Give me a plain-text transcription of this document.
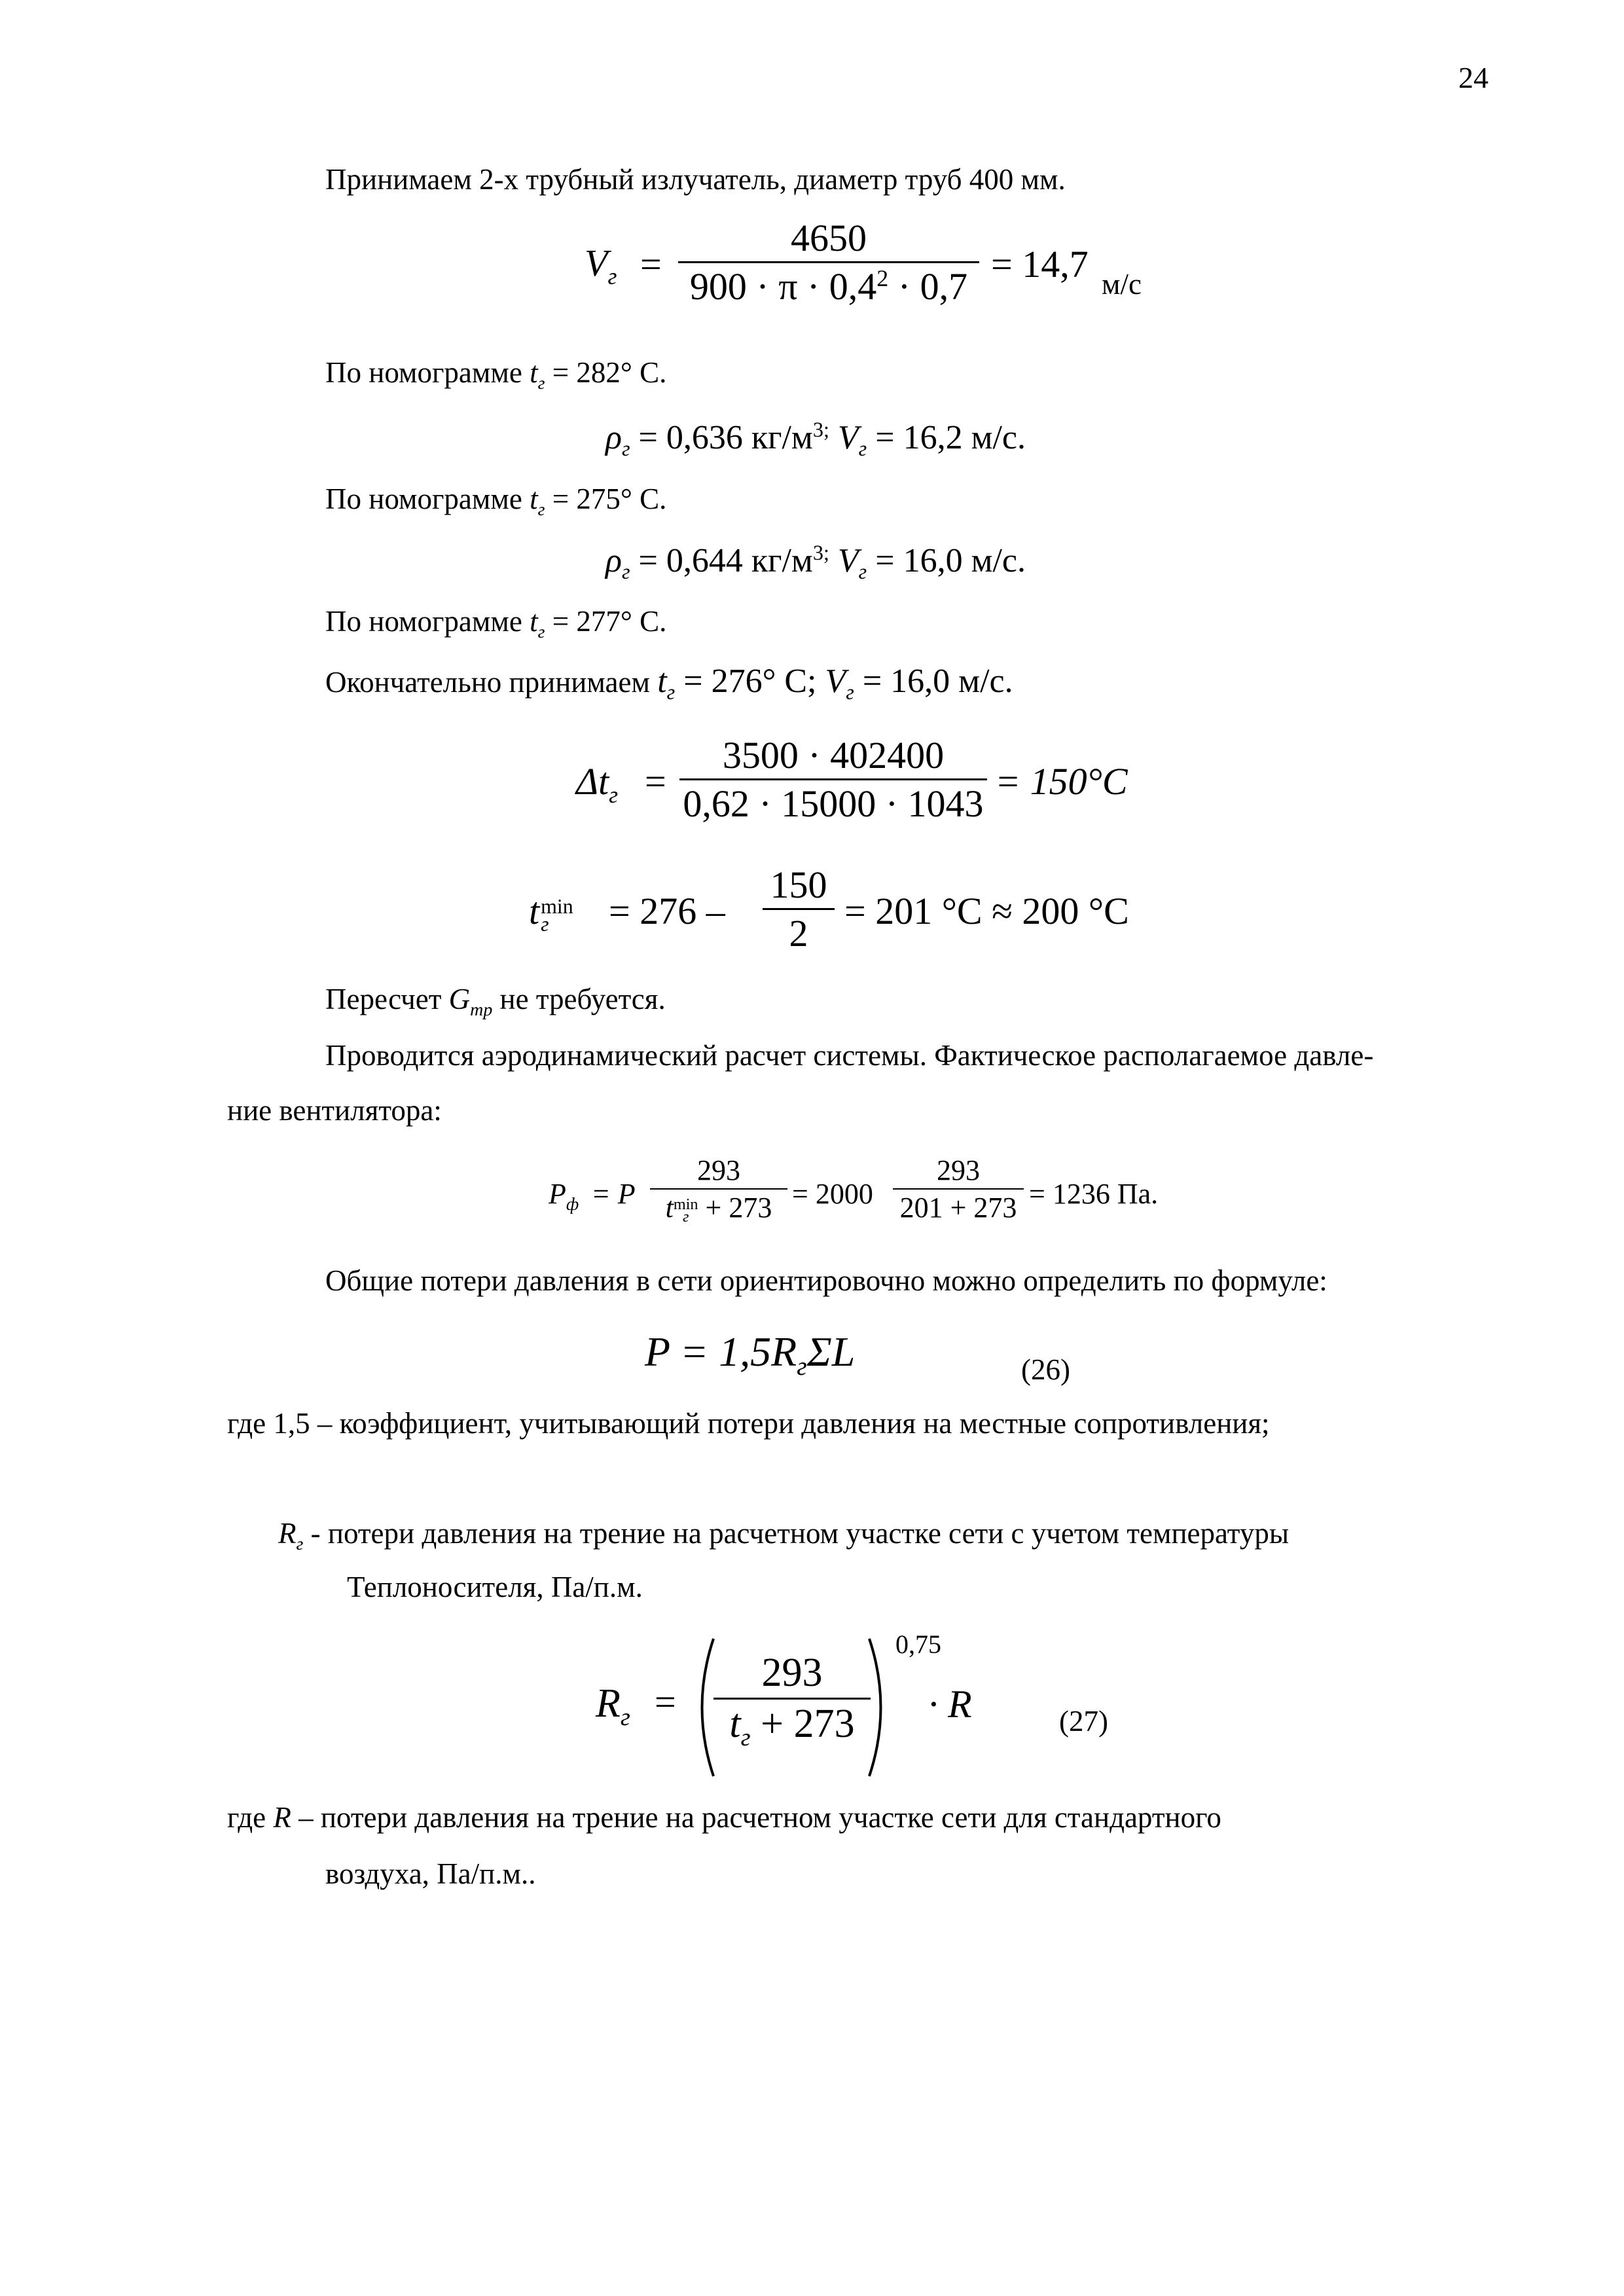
24
Принимаем 2-х трубный излучатель, диаметр труб 400 мм.
$V_г = \frac{4650}{900 \cdot \pi \cdot 0,4^2 \cdot 0,7} = 14,7$ м/с
По номограмме $t_г = 282^\circ$ С.
$\rho_г = 0,636$ $кг/м^{3;}$ $V_г = 16,2$ м/с.
По номограмме $t_г = 275^\circ$ С.
$\rho_г = 0,644$ $кг/м^{3;}$ $V_г = 16,0$ м/с.
По номограмме $t_г = 277^\circ$ С.
Окончательно принимаем $t_г = 276^\circ$ С; $V_г = 16,0$ м/с.
$\Delta t_г = \frac{3500 \cdot 402400}{0,62 \cdot 15000 \cdot 1043} = 150^\circ C$
t min
г	= $276 - \frac{150}{2} = 201$ °C ≈ 200 °C
Пересчет $G_{тр}$ не требуется.
Проводится аэродинамический расчет системы. Фактическое располагаемое давле-
ние вентилятора:
$P_ф = P$
293
t min
$г + 273 = 2000 \frac{293}{201 + 273} = 1236$ Па.
Общие потери давления в сети ориентировочно можно определить по формуле:
$P = 1,5R_г\Sigma L$	(26)
где 1,5 – коэффициент, учитывающий потери давления на местные сопротивления;
$R_г$ - потери давления на трение на расчетном участке сети с учетом температуры
Теплоносителя, Па/п.м.
$R_г$ =
293
$t_г + 273$
0,75
· R	(27)
где R – потери давления на трение на расчетном участке сети для стандартного
воздуха, Па/п.м..
